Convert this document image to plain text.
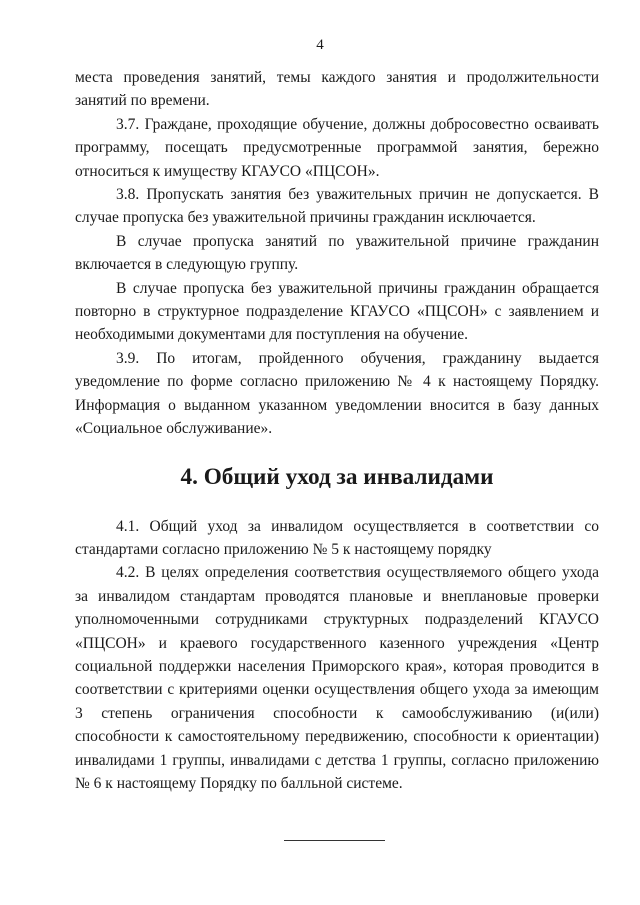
4

места проведения занятий, темы каждого занятия и продолжительности занятий по времени.

3.7. Граждане, проходящие обучение, должны добросовестно осваивать программу, посещать предусмотренные программой занятия, бережно относиться к имуществу КГАУСО «ПЦСОН».

3.8. Пропускать занятия без уважительных причин не допускается. В случае пропуска без уважительной причины гражданин исключается.

В случае пропуска занятий по уважительной причине гражданин включается в следующую группу.

В случае пропуска без уважительной причины гражданин обращается повторно в структурное подразделение КГАУСО «ПЦСОН» с заявлением и необходимыми документами для поступления на обучение.

3.9. По итогам, пройденного обучения, гражданину выдается уведомление по форме согласно приложению № 4 к настоящему Порядку. Информация о выданном указанном уведомлении вносится в базу данных «Социальное обслуживание».

4. Общий уход за инвалидами

4.1. Общий уход за инвалидом осуществляется в соответствии со стандартами согласно приложению № 5 к настоящему порядку

4.2. В целях определения соответствия осуществляемого общего ухода за инвалидом стандартам проводятся плановые и внеплановые проверки уполномоченными сотрудниками структурных подразделений КГАУСО «ПЦСОН» и краевого государственного казенного учреждения «Центр социальной поддержки населения Приморского края», которая проводится в соответствии с критериями оценки осуществления общего ухода за имеющим 3 степень ограничения способности к самообслуживанию (и(или) способности к самостоятельному передвижению, способности к ориентации) инвалидами 1 группы, инвалидами с детства 1 группы, согласно приложению № 6 к настоящему Порядку по балльной системе.
